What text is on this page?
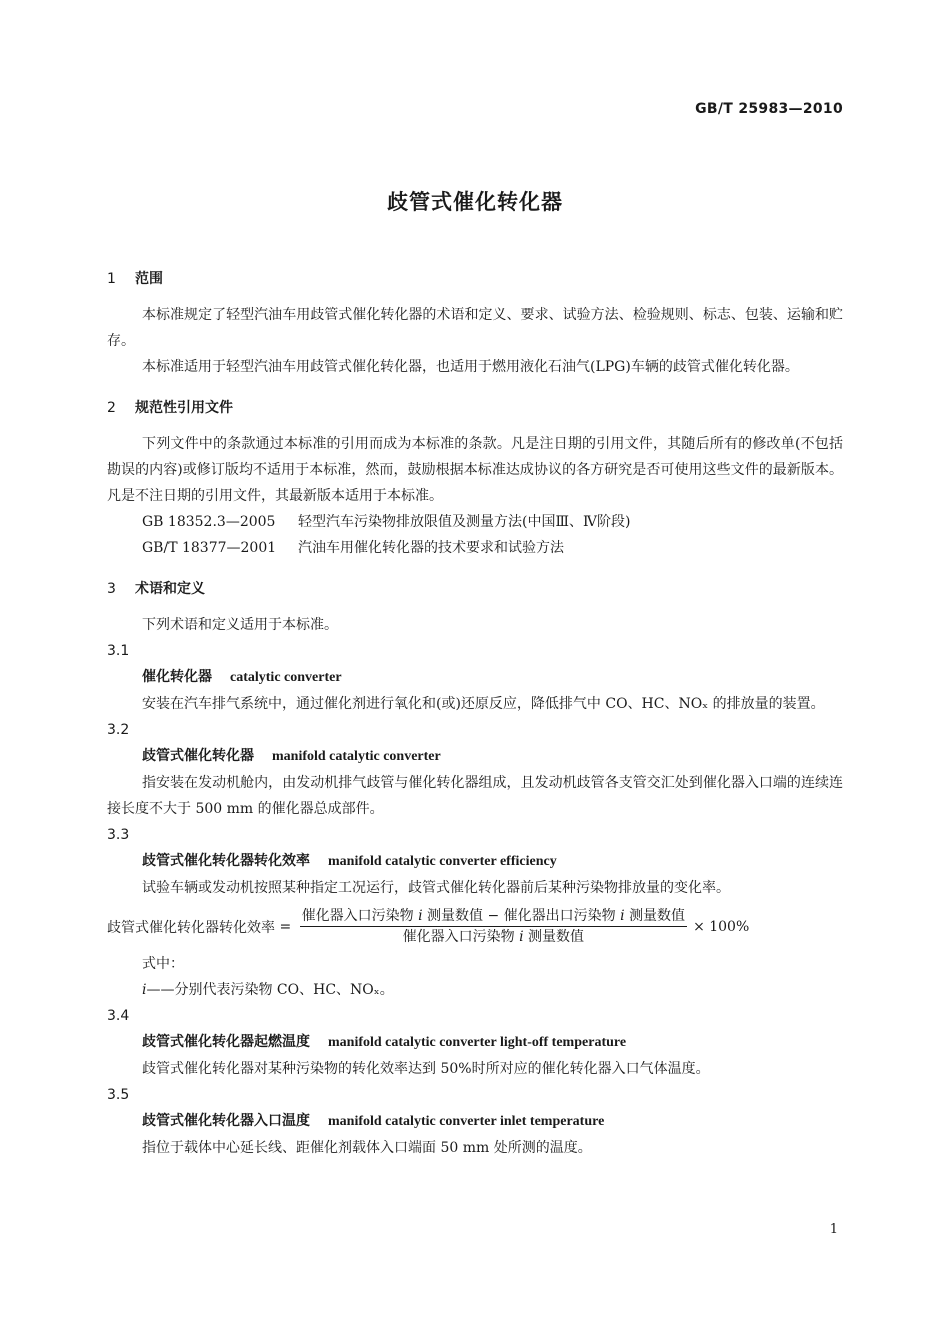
GB/T 25983—2010
歧管式催化转化器

1 范围

本标准规定了轻型汽油车用歧管式催化转化器的术语和定义、要求、试验方法、检验规则、标志、包装、运输和贮存。

本标准适用于轻型汽油车用歧管式催化转化器，也适用于燃用液化石油气(LPG)车辆的歧管式催化转化器。

2 规范性引用文件

下列文件中的条款通过本标准的引用而成为本标准的条款。凡是注日期的引用文件，其随后所有的修改单(不包括勘误的内容)或修订版均不适用于本标准，然而，鼓励根据本标准达成协议的各方研究是否可使用这些文件的最新版本。凡是不注日期的引用文件，其最新版本适用于本标准。

GB 18352.3—2005 轻型汽车污染物排放限值及测量方法(中国Ⅲ、Ⅳ阶段)

GB/T 18377—2001 汽油车用催化转化器的技术要求和试验方法

3 术语和定义

下列术语和定义适用于本标准。

3.1

催化转化器 catalytic converter

安装在汽车排气系统中，通过催化剂进行氧化和(或)还原反应，降低排气中 CO、HC、NOₓ 的排放量的装置。

3.2

歧管式催化转化器 manifold catalytic converter

指安装在发动机舱内，由发动机排气歧管与催化转化器组成，且发动机歧管各支管交汇处到催化器入口端的连续连接长度不大于 500 mm 的催化器总成部件。

3.3

歧管式催化转化器转化效率 manifold catalytic converter efficiency

试验车辆或发动机按照某种指定工况运行，歧管式催化转化器前后某种污染物排放量的变化率。

歧管式催化转化器转化效率 =
催化器入口污染物 i 测量数值 − 催化器出口污染物 i 测量数值
催化器入口污染物 i 测量数值
× 100%

式中：

i——分别代表污染物 CO、HC、NOₓ。

3.4

歧管式催化转化器起燃温度 manifold catalytic converter light-off temperature

歧管式催化转化器对某种污染物的转化效率达到 50%时所对应的催化转化器入口气体温度。

3.5

歧管式催化转化器入口温度 manifold catalytic converter inlet temperature

指位于载体中心延长线、距催化剂载体入口端面 50 mm 处所测的温度。

1
